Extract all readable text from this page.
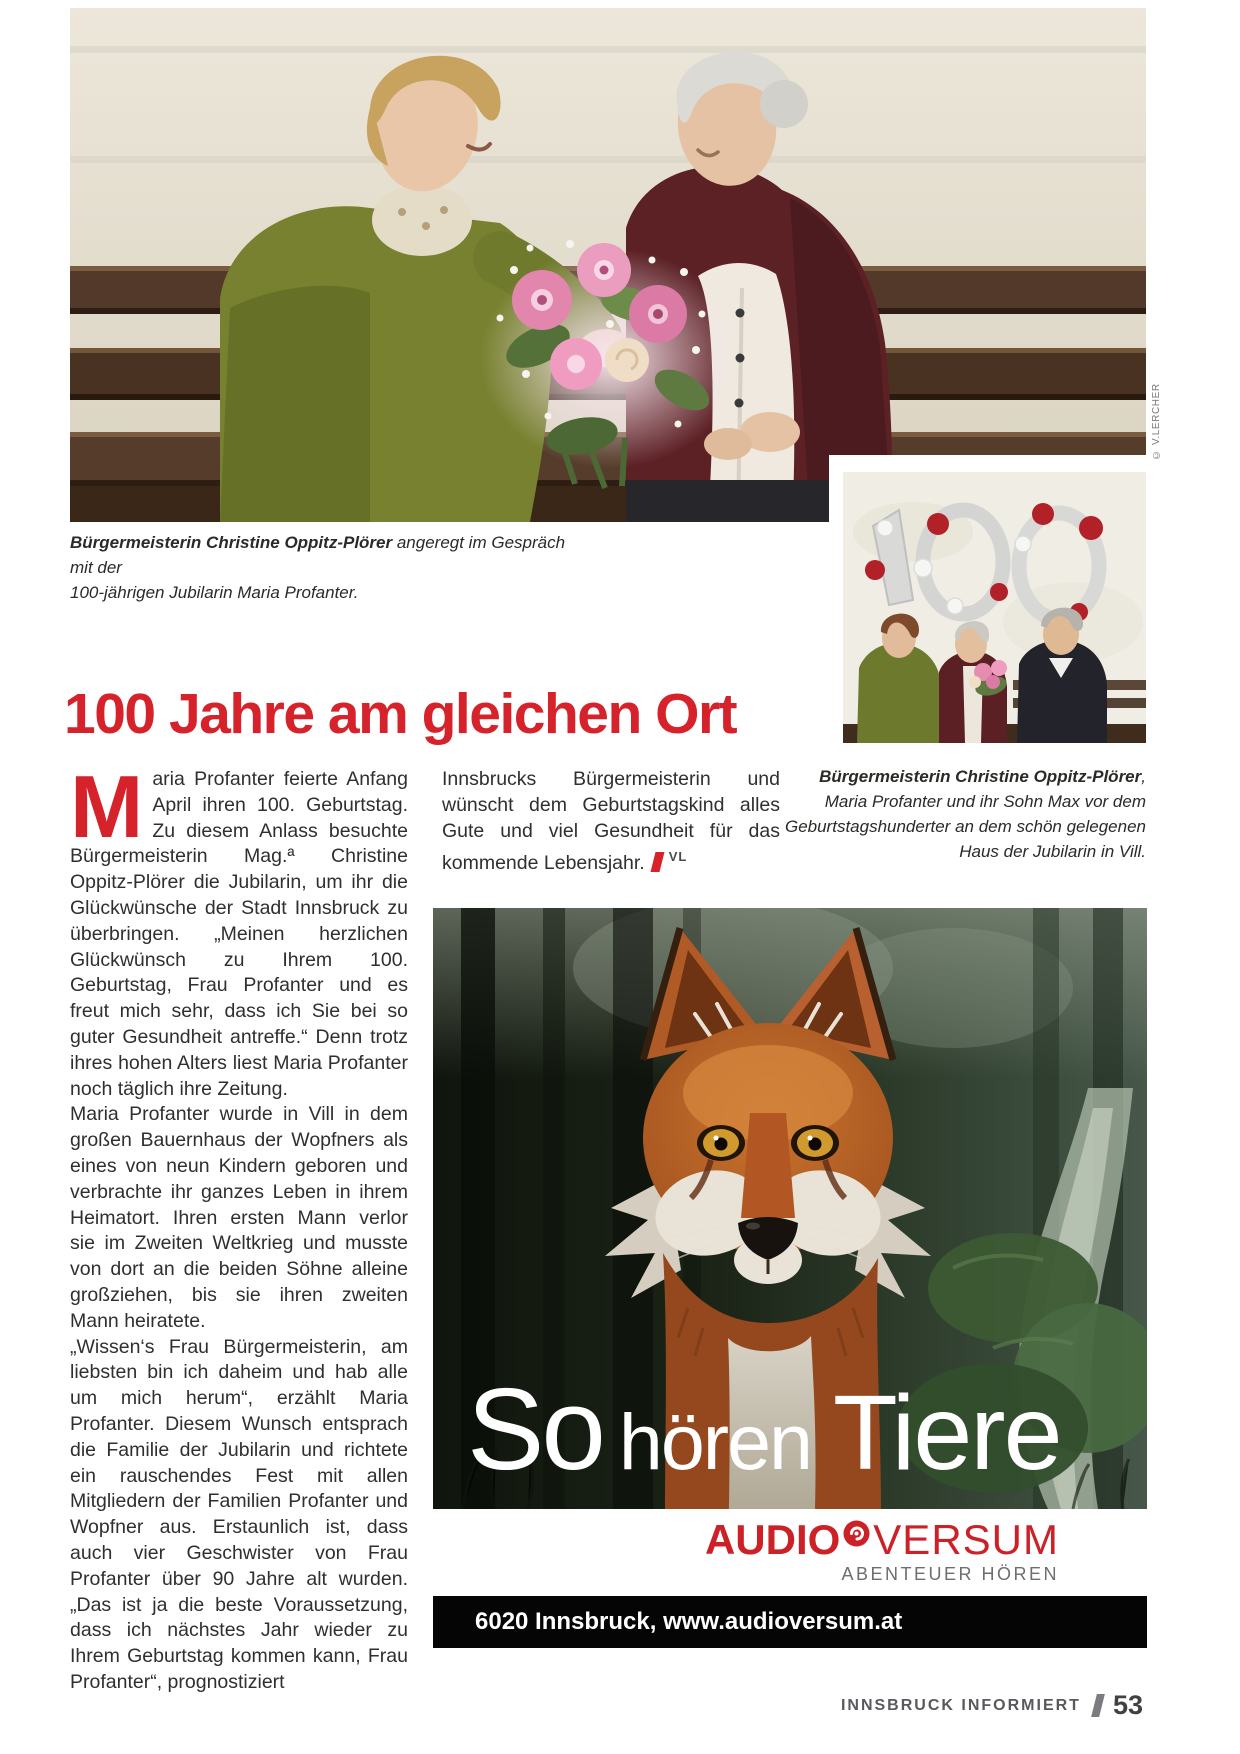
© V.LERCHER
Bürgermeisterin Christine Oppitz-Plörer angeregt im Gespräch mit der
100-jährigen Jubilarin Maria Profanter.
Bürgermeisterin Christine Oppitz-Plörer,
Maria Profanter und ihr Sohn Max vor dem
Geburtstagshunderter an dem schön gelegenen
Haus der Jubilarin in Vill.
100 Jahre am gleichen Ort

Maria Profanter feierte Anfang April ihren 100. Geburtstag. Zu diesem Anlass besuchte Bürgermeisterin Mag.ª Christine Oppitz-Plörer die Jubilarin, um ihr die Glückwünsche der Stadt Innsbruck zu überbringen. „Meinen herzlichen Glückwünsch zu Ihrem 100. Geburtstag, Frau Profanter und es freut mich sehr, dass ich Sie bei so guter Gesundheit antreffe.“ Denn trotz ihres hohen Alters liest Maria Profanter noch täglich ihre Zeitung.

Maria Profanter wurde in Vill in dem großen Bauernhaus der Wopfners als eines von neun Kindern geboren und verbrachte ihr ganzes Leben in ihrem Heimatort. Ihren ersten Mann verlor sie im Zweiten Weltkrieg und musste von dort an die beiden Söhne alleine großziehen, bis sie ihren zweiten Mann heiratete.

„Wissen‘s Frau Bürgermeisterin, am liebsten bin ich daheim und hab alle um mich herum“, erzählt Maria Profanter. Diesem Wunsch entsprach die Familie der Jubilarin und richtete ein rauschendes Fest mit allen Mitgliedern der Familien Profanter und Wopfner aus. Erstaunlich ist, dass auch vier Geschwister von Frau Profanter über 90 Jahre alt wurden. „Das ist ja die beste Voraussetzung, dass ich nächstes Jahr wieder zu Ihrem Geburtstag kommen kann, Frau Profanter“, prognostiziert

Innsbrucks Bürgermeisterin und wünscht dem Geburtstagskind alles Gute und viel Gesundheit für das kommende Lebensjahr. $^{VL}$

So hören Tiere
AUDIO VERSUM
ABENTEUER HÖREN
6020 Innsbruck, www.audioversum.at
INNSBRUCK INFORMIERT 53
